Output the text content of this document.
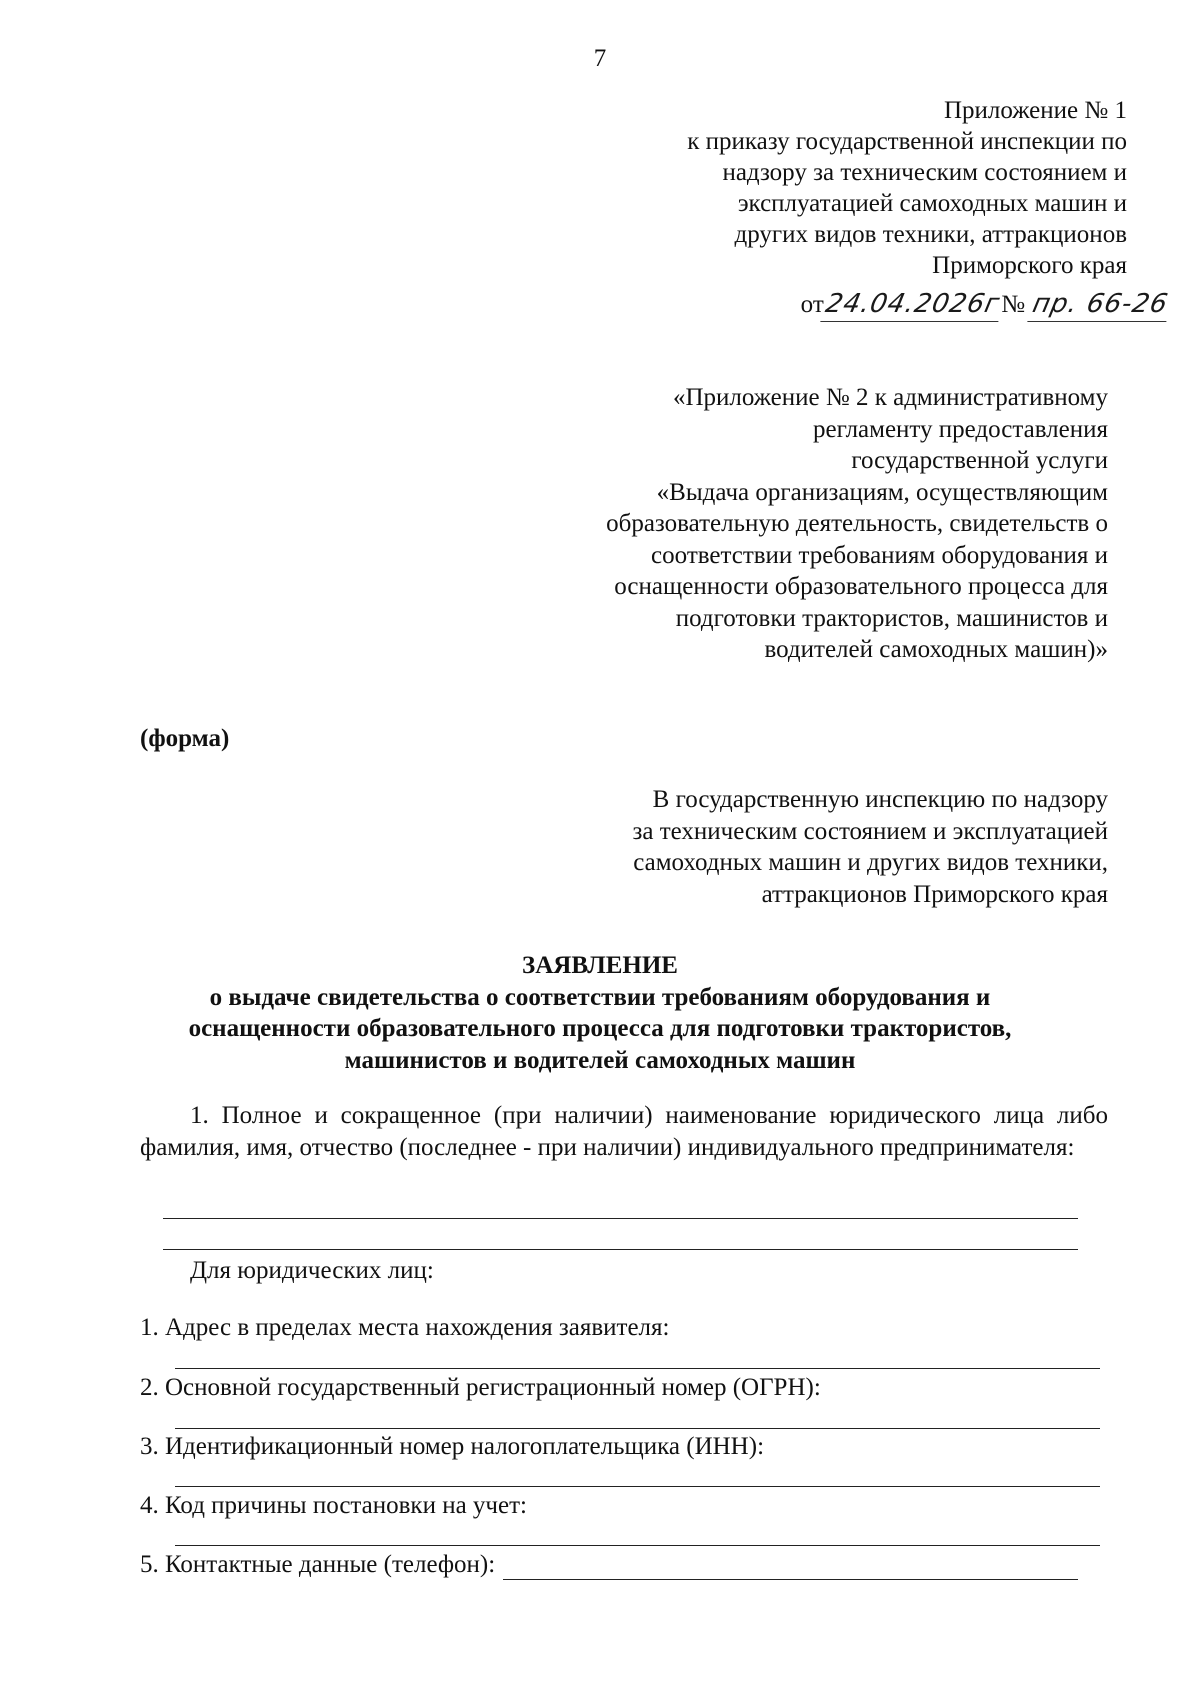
7
Приложение № 1
к приказу государственной инспекции по
надзору за техническим состоянием и
эксплуатацией самоходных машин и
других видов техники, аттракционов
Приморского края
от24.04.2026г№ пр. 66-26
«Приложение № 2 к административному
регламенту предоставления
государственной услуги
«Выдача организациям, осуществляющим
образовательную деятельность, свидетельств о
соответствии требованиям оборудования и
оснащенности образовательного процесса для
подготовки трактористов, машинистов и
водителей самоходных машин)»
(форма)
В государственную инспекцию по надзору
за техническим состоянием и эксплуатацией
самоходных машин и других видов техники,
аттракционов Приморского края
ЗАЯВЛЕНИЕ
о выдаче свидетельства о соответствии требованиям оборудования и
оснащенности образовательного процесса для подготовки трактористов,
машинистов и водителей самоходных машин
1. Полное и сокращенное (при наличии) наименование юридического лица либо фамилия, имя, отчество (последнее - при наличии) индивидуального предпринимателя:
Для юридических лиц:
1. Адрес в пределах места нахождения заявителя:
2. Основной государственный регистрационный номер (ОГРН):
3. Идентификационный номер налогоплательщика (ИНН):
4. Код причины постановки на учет:
5. Контактные данные (телефон):
